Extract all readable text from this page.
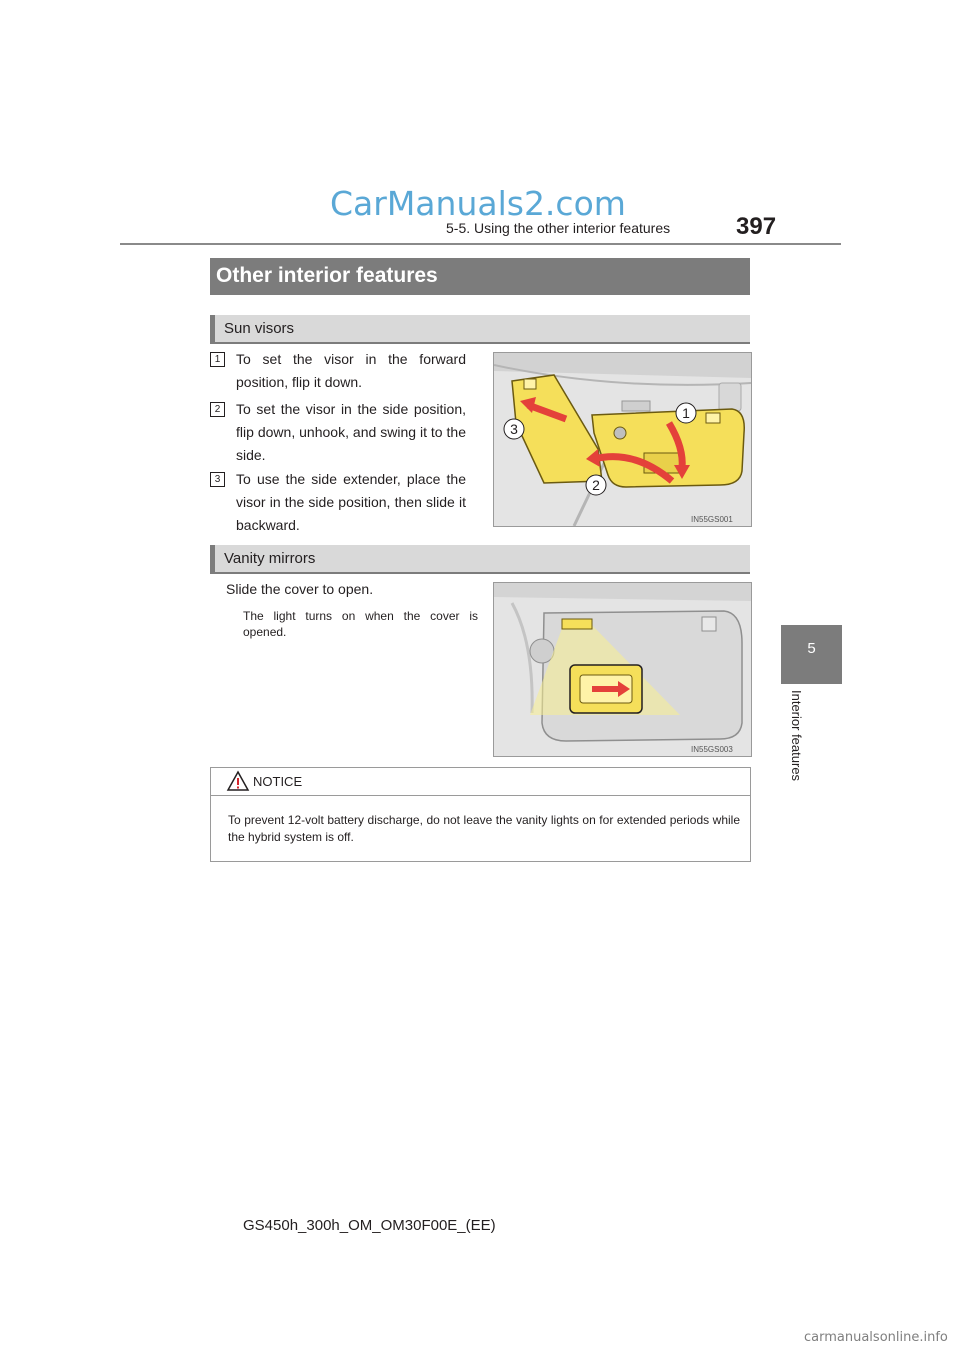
CarManuals2.com
5-5. Using the other interior features	397
5
Interior features
Other interior features
Sun visors
1	To set the visor in the forward position, flip it down.
2	To set the visor in the side position, flip down, unhook, and swing it to the side.
3	To use the side extender, place the visor in the side position, then slide it backward.
1
2
3
IN55GS001
Vanity mirrors
Slide the cover to open.
The light turns on when the cover is opened.
IN55GS003
NOTICE
To prevent 12-volt battery discharge, do not leave the vanity lights on for extended periods while the hybrid system is off.
GS450h_300h_OM_OM30F00E_(EE)
carmanualsonline.info
